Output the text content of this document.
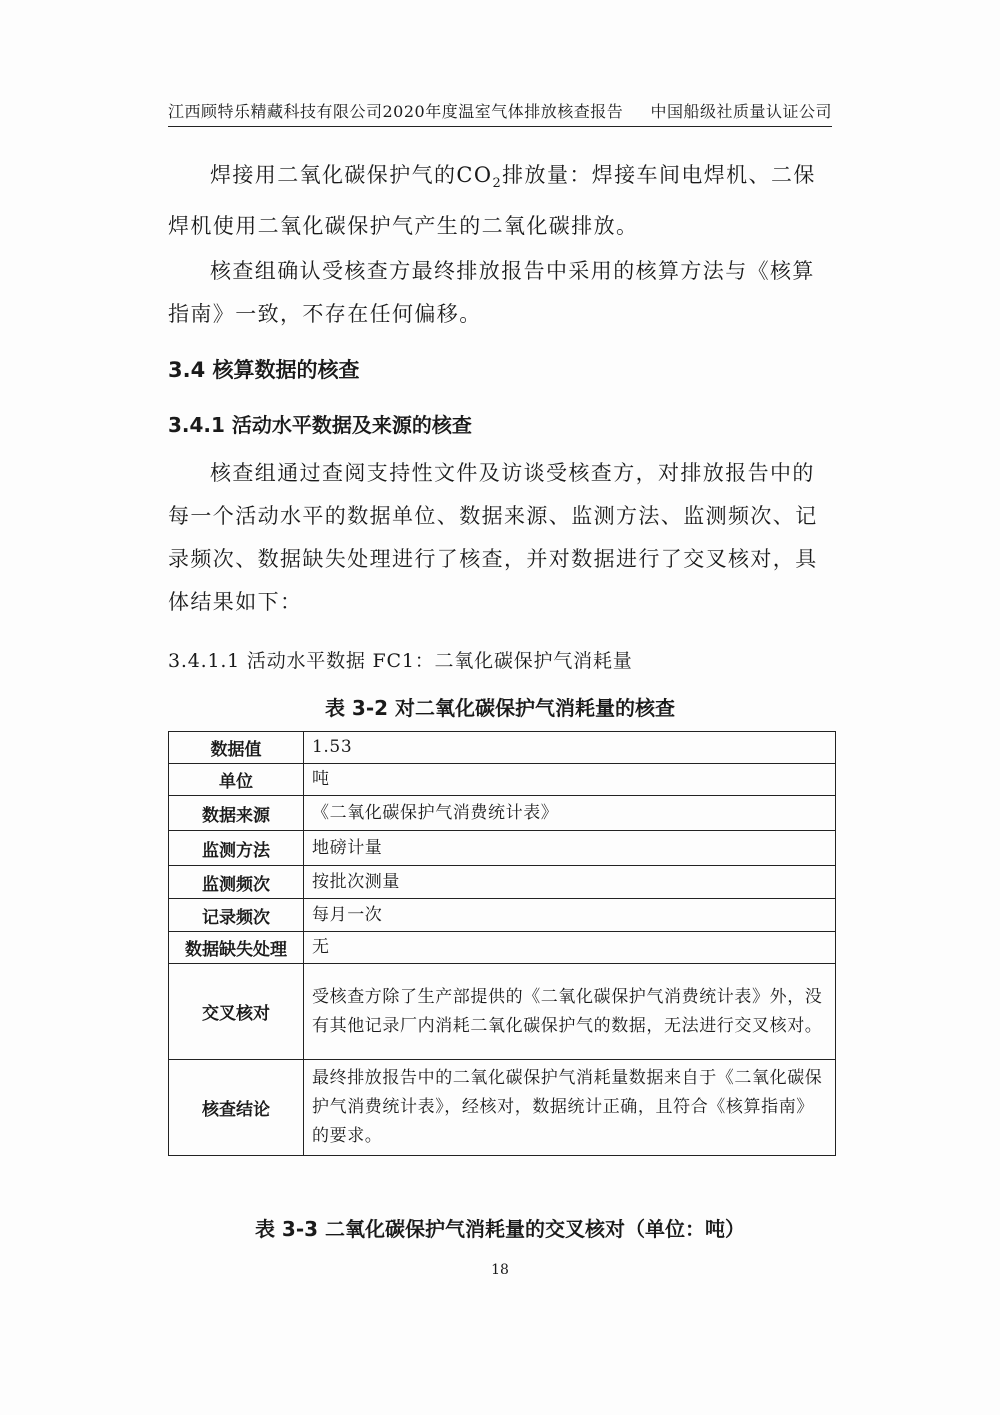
江西顾特乐精藏科技有限公司2020年度温室气体排放核查报告 中国船级社质量认证公司

焊接用二氧化碳保护气的$CO_2$排放量：焊接车间电焊机、二保焊机使用二氧化碳保护气产生的二氧化碳排放。

核查组确认受核查方最终排放报告中采用的核算方法与《核算指南》一致，不存在任何偏移。

3.4 核算数据的核查
3.4.1 活动水平数据及来源的核查

核查组通过查阅支持性文件及访谈受核查方，对排放报告中的每一个活动水平的数据单位、数据来源、监测方法、监测频次、记录频次、数据缺失处理进行了核查，并对数据进行了交叉核对，具体结果如下：

3.4.1.1 活动水平数据 FC1：二氧化碳保护气消耗量
表 3-2 对二氧化碳保护气消耗量的核查
数据值	1.53
单位	吨
数据来源	《二氧化碳保护气消费统计表》
监测方法	地磅计量
监测频次	按批次测量
记录频次	每月一次
数据缺失处理	无
交叉核对	受核查方除了生产部提供的《二氧化碳保护气消费统计表》外，没有其他记录厂内消耗二氧化碳保护气的数据，无法进行交叉核对。
核查结论	最终排放报告中的二氧化碳保护气消耗量数据来自于《二氧化碳保护气消费统计表》，经核对，数据统计正确，且符合《核算指南》的要求。
表 3-3 二氧化碳保护气消耗量的交叉核对（单位：吨）
18
